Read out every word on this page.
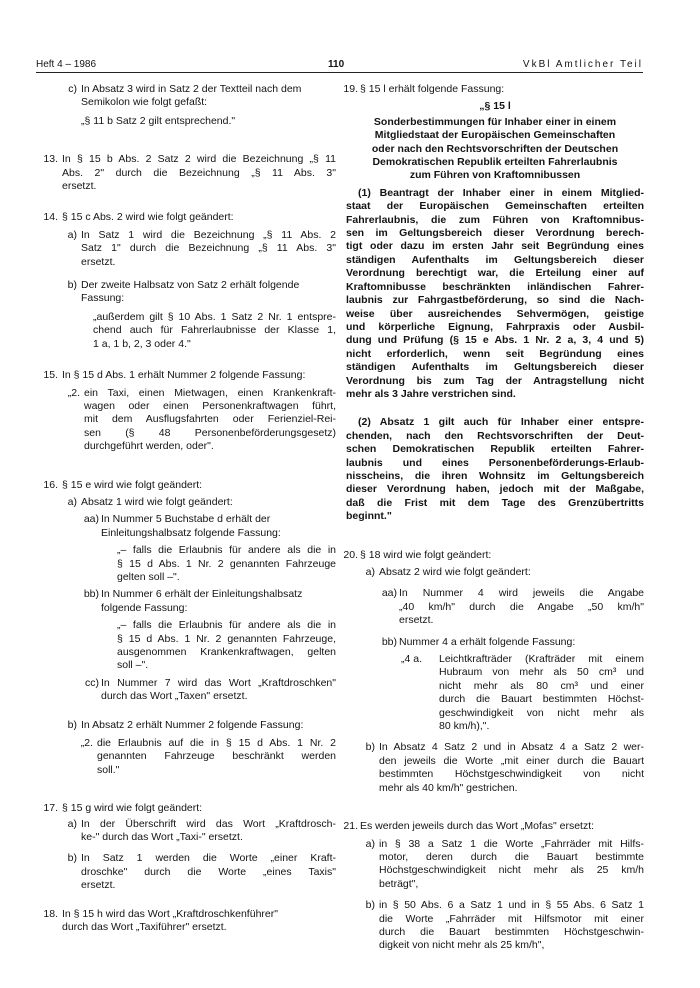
Heft 4 – 1986	110	VkBl Amtlicher Teil
c) In Absatz 3 wird in Satz 2 der Textteil nach dem Semikolon wie folgt gefaßt:
„§ 11 b Satz 2 gilt entsprechend."
13. In § 15 b Abs. 2 Satz 2 wird die Bezeichnung „§ 11
Abs. 2" durch die Bezeichnung „§ 11 Abs. 3"
ersetzt.
14. § 15 c Abs. 2 wird wie folgt geändert:
a) In Satz 1 wird die Bezeichnung „§ 11 Abs. 2
Satz 1" durch die Bezeichnung „§ 11 Abs. 3"
ersetzt.
b) Der zweite Halbsatz von Satz 2 erhält folgende Fassung:
„außerdem gilt § 10 Abs. 1 Satz 2 Nr. 1 entspre-
chend auch für Fahrerlaubnisse der Klasse 1,
1 a, 1 b, 2, 3 oder 4."
15. In § 15 d Abs. 1 erhält Nummer 2 folgende Fassung:
„2. ein Taxi, einen Mietwagen, einen Krankenkraft-
wagen oder einen Personenkraftwagen führt,
mit dem Ausflugsfahrten oder Ferienziel-Rei-
sen (§ 48 Personenbeförderungsgesetz)
durchgeführt werden, oder".
16. § 15 e wird wie folgt geändert:
a) Absatz 1 wird wie folgt geändert:
aa) In Nummer 5 Buchstabe d erhält der Einleitungshalbsatz folgende Fassung:
„– falls die Erlaubnis für andere als die in
§ 15 d Abs. 1 Nr. 2 genannten Fahrzeuge
gelten soll –".
bb) In Nummer 6 erhält der Einleitungshalbsatz folgende Fassung:
„– falls die Erlaubnis für andere als die in
§ 15 d Abs. 1 Nr. 2 genannten Fahrzeuge,
ausgenommen Krankenkraftwagen, gelten
soll –".
cc) In Nummer 7 wird das Wort „Kraftdroschken" durch das Wort „Taxen" ersetzt.
b) In Absatz 2 erhält Nummer 2 folgende Fassung:
„2. die Erlaubnis auf die in § 15 d Abs. 1 Nr. 2
genannten Fahrzeuge beschränkt werden
soll."
17. § 15 g wird wie folgt geändert:
a) In der Überschrift wird das Wort „Kraftdrosch-
ke-" durch das Wort „Taxi-" ersetzt.
b) In Satz 1 werden die Worte „einer Kraft-
droschke" durch die Worte „eines Taxis"
ersetzt.
18. In § 15 h wird das Wort „Kraftdroschkenführer"
durch das Wort „Taxiführer" ersetzt.
19. § 15 l erhält folgende Fassung:
„§ 15 l
Sonderbestimmungen für Inhaber einer in einem
Mitgliedstaat der Europäischen Gemeinschaften
oder nach den Rechtsvorschriften der Deutschen
Demokratischen Republik erteilten Fahrerlaubnis
zum Führen von Kraftomnibussen
(1) Beantragt der Inhaber einer in einem Mitglied-
staat der Europäischen Gemeinschaften erteilten
Fahrerlaubnis, die zum Führen von Kraftomnibus-
sen im Geltungsbereich dieser Verordnung berech-
tigt oder dazu im ersten Jahr seit Begründung eines
ständigen Aufenthalts im Geltungsbereich dieser
Verordnung berechtigt war, die Erteilung einer auf
Kraftomnibusse beschränkten inländischen Fahrer-
laubnis zur Fahrgastbeförderung, so sind die Nach-
weise über ausreichendes Sehvermögen, geistige
und körperliche Eignung, Fahrpraxis oder Ausbil-
dung und Prüfung (§ 15 e Abs. 1 Nr. 2 a, 3, 4 und 5)
nicht erforderlich, wenn seit Begründung eines
ständigen Aufenthalts im Geltungsbereich dieser
Verordnung bis zum Tag der Antragstellung nicht
mehr als 3 Jahre verstrichen sind.
(2) Absatz 1 gilt auch für Inhaber einer entspre-
chenden, nach den Rechtsvorschriften der Deut-
schen Demokratischen Republik erteilten Fahrer-
laubnis und eines Personenbeförderungs-Erlaub-
nisscheins, die ihren Wohnsitz im Geltungsbereich
dieser Verordnung haben, jedoch mit der Maßgabe,
daß die Frist mit dem Tage des Grenzübertritts
beginnt."
20. § 18 wird wie folgt geändert:
a) Absatz 2 wird wie folgt geändert:
aa) In Nummer 4 wird jeweils die Angabe
„40 km/h" durch die Angabe „50 km/h"
ersetzt.
bb) Nummer 4 a erhält folgende Fassung:
„4 a.	Leichtkrafträder (Krafträder mit einem
Hubraum von mehr als 50 cm³ und
nicht mehr als 80 cm³ und einer
durch die Bauart bestimmten Höchst-
geschwindigkeit von nicht mehr als
80 km/h),".
b) In Absatz 4 Satz 2 und in Absatz 4 a Satz 2 wer-
den jeweils die Worte „mit einer durch die Bauart
bestimmten Höchstgeschwindigkeit von nicht
mehr als 40 km/h" gestrichen.
21. Es werden jeweils durch das Wort „Mofas" ersetzt:
a) in § 38 a Satz 1 die Worte „Fahrräder mit Hilfs-
motor, deren durch die Bauart bestimmte
Höchstgeschwindigkeit nicht mehr als 25 km/h
beträgt",
b) in § 50 Abs. 6 a Satz 1 und in § 55 Abs. 6 Satz 1
die Worte „Fahrräder mit Hilfsmotor mit einer
durch die Bauart bestimmten Höchstgeschwin-
digkeit von nicht mehr als 25 km/h",
